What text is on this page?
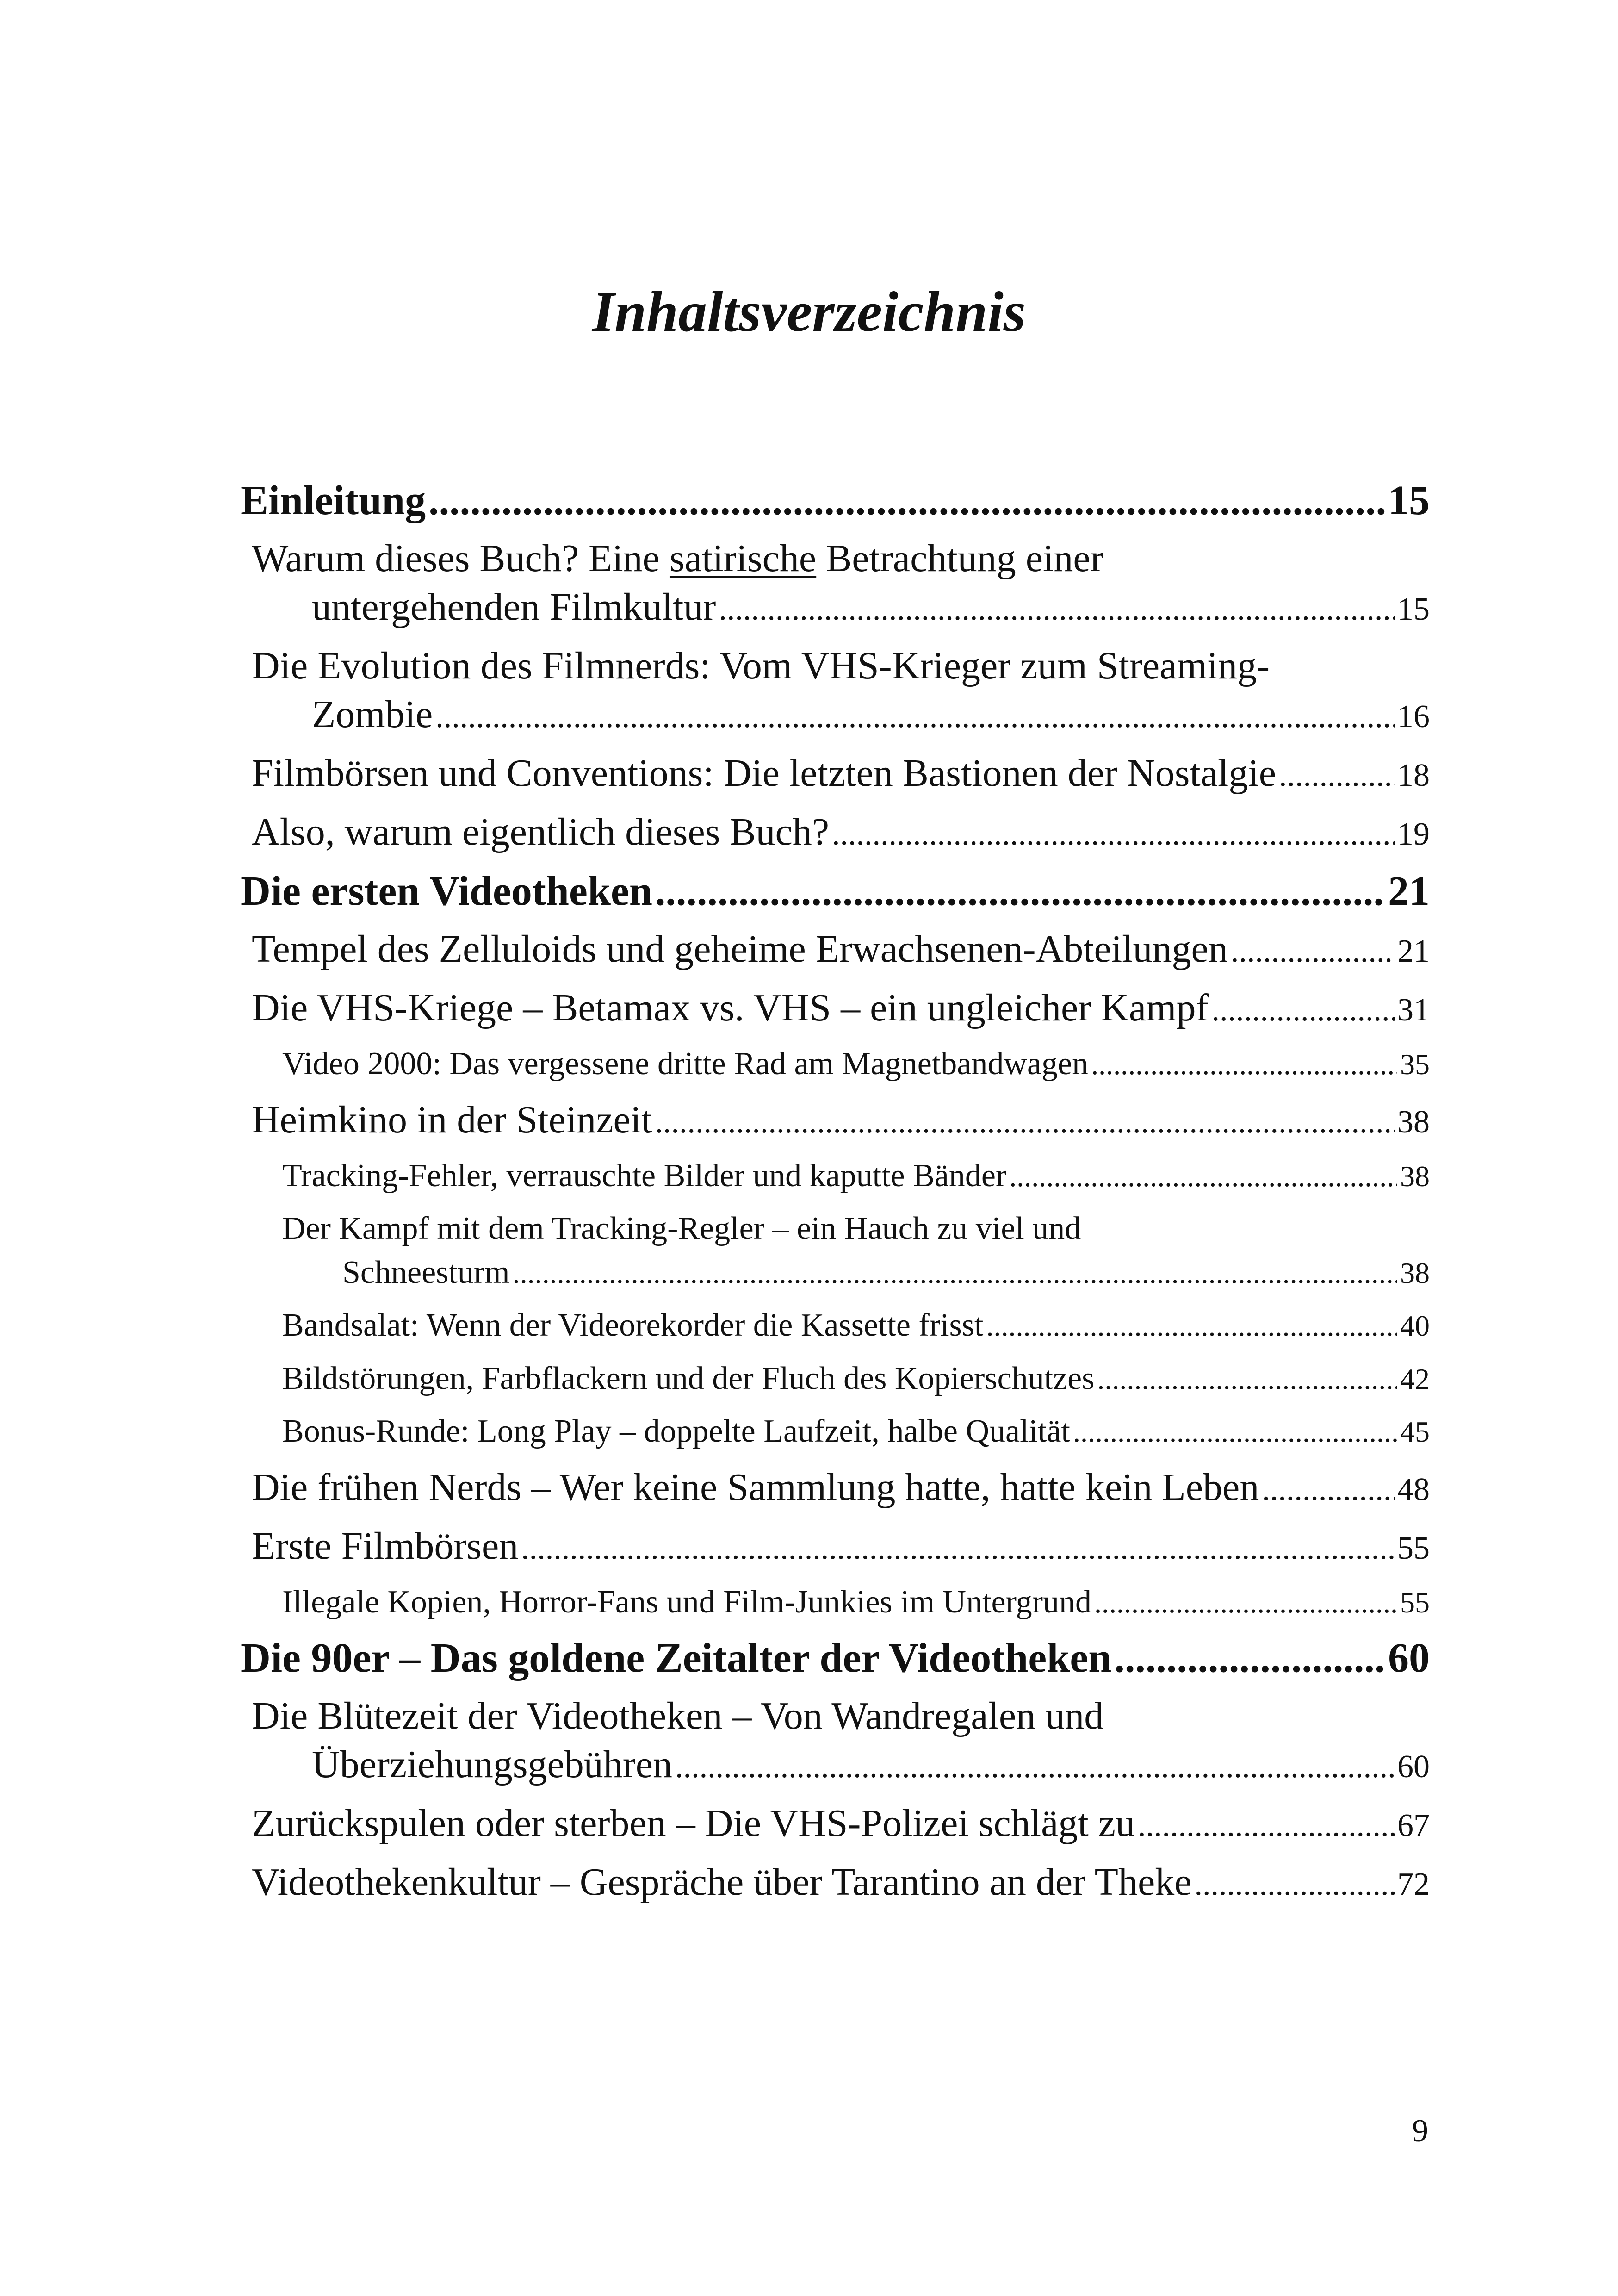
Inhaltsverzeichnis
Einleitung .....	15
Warum dieses Buch? Eine satirische Betrachtung einer
untergehenden Filmkultur .....	15
Die Evolution des Filmnerds: Vom VHS-Krieger zum Streaming-
Zombie .....	16
Filmbörsen und Conventions: Die letzten Bastionen der Nostalgie .....	18
Also, warum eigentlich dieses Buch? .....	19
Die ersten Videotheken .....	21
Tempel des Zelluloids und geheime Erwachsenen-Abteilungen .....	21
Die VHS-Kriege – Betamax vs. VHS – ein ungleicher Kampf .....	31
Video 2000: Das vergessene dritte Rad am Magnetbandwagen .....	35
Heimkino in der Steinzeit .....	38
Tracking-Fehler, verrauschte Bilder und kaputte Bänder .....	38
Der Kampf mit dem Tracking-Regler – ein Hauch zu viel und
Schneesturm .....	38
Bandsalat: Wenn der Videorekorder die Kassette frisst .....	40
Bildstörungen, Farbflackern und der Fluch des Kopierschutzes .....	42
Bonus-Runde: Long Play – doppelte Laufzeit, halbe Qualität .....	45
Die frühen Nerds – Wer keine Sammlung hatte, hatte kein Leben .....	48
Erste Filmbörsen .....	55
Illegale Kopien, Horror-Fans und Film-Junkies im Untergrund .....	55
Die 90er – Das goldene Zeitalter der Videotheken .....	60
Die Blütezeit der Videotheken – Von Wandregalen und
Überziehungsgebühren .....	60
Zurückspulen oder sterben – Die VHS-Polizei schlägt zu .....	67
Videothekenkultur – Gespräche über Tarantino an der Theke .....	72
9
